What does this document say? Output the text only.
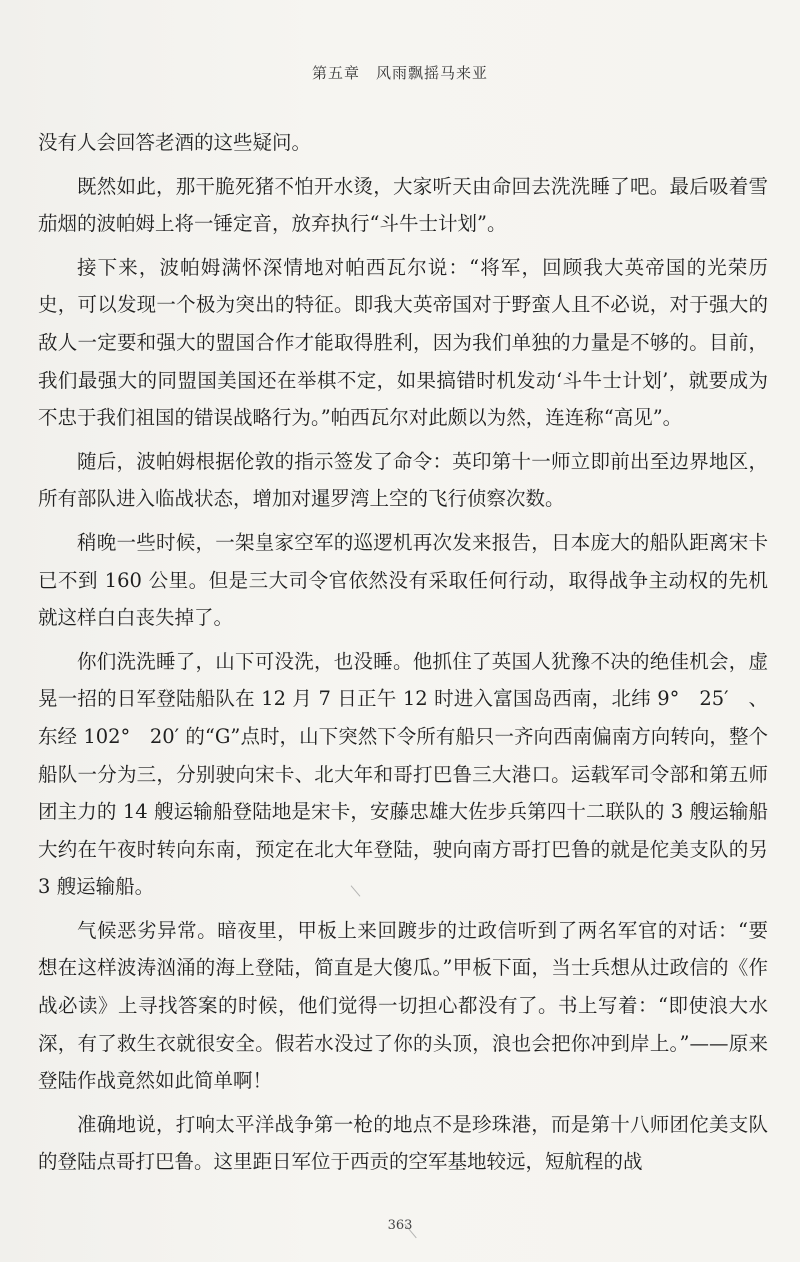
第五章　风雨飘摇马来亚

没有人会回答老酒的这些疑问。

既然如此，那干脆死猪不怕开水烫，大家听天由命回去洗洗睡了吧。最后吸着雪茄烟的波帕姆上将一锤定音，放弃执行“斗牛士计划”。

接下来，波帕姆满怀深情地对帕西瓦尔说：“将军，回顾我大英帝国的光荣历史，可以发现一个极为突出的特征。即我大英帝国对于野蛮人且不必说，对于强大的敌人一定要和强大的盟国合作才能取得胜利，因为我们单独的力量是不够的。目前，我们最强大的同盟国美国还在举棋不定，如果搞错时机发动‘斗牛士计划’，就要成为不忠于我们祖国的错误战略行为。”帕西瓦尔对此颇以为然，连连称“高见”。

随后，波帕姆根据伦敦的指示签发了命令：英印第十一师立即前出至边界地区，所有部队进入临战状态，增加对暹罗湾上空的飞行侦察次数。

稍晚一些时候，一架皇家空军的巡逻机再次发来报告，日本庞大的船队距离宋卡已不到 160 公里。但是三大司令官依然没有采取任何行动，取得战争主动权的先机就这样白白丧失掉了。

你们洗洗睡了，山下可没洗，也没睡。他抓住了英国人犹豫不决的绝佳机会，虚晃一招的日军登陆船队在 12 月 7 日正午 12 时进入富国岛西南，北纬 9°　25′　、东经 102°　20′ 的“G”点时，山下突然下令所有船只一齐向西南偏南方向转向，整个船队一分为三，分别驶向宋卡、北大年和哥打巴鲁三大港口。运载军司令部和第五师团主力的 14 艘运输船登陆地是宋卡，安藤忠雄大佐步兵第四十二联队的 3 艘运输船大约在午夜时转向东南，预定在北大年登陆，驶向南方哥打巴鲁的就是佗美支队的另 3 艘运输船。

气候恶劣异常。暗夜里，甲板上来回踱步的辻政信听到了两名军官的对话：“要想在这样波涛汹涌的海上登陆，简直是大傻瓜。”甲板下面，当士兵想从辻政信的《作战必读》上寻找答案的时候，他们觉得一切担心都没有了。书上写着：“即使浪大水深，有了救生衣就很安全。假若水没过了你的头顶，浪也会把你冲到岸上。”——原来登陆作战竟然如此简单啊！

准确地说，打响太平洋战争第一枪的地点不是珍珠港，而是第十八师团佗美支队的登陆点哥打巴鲁。这里距日军位于西贡的空军基地较远，短航程的战

363
